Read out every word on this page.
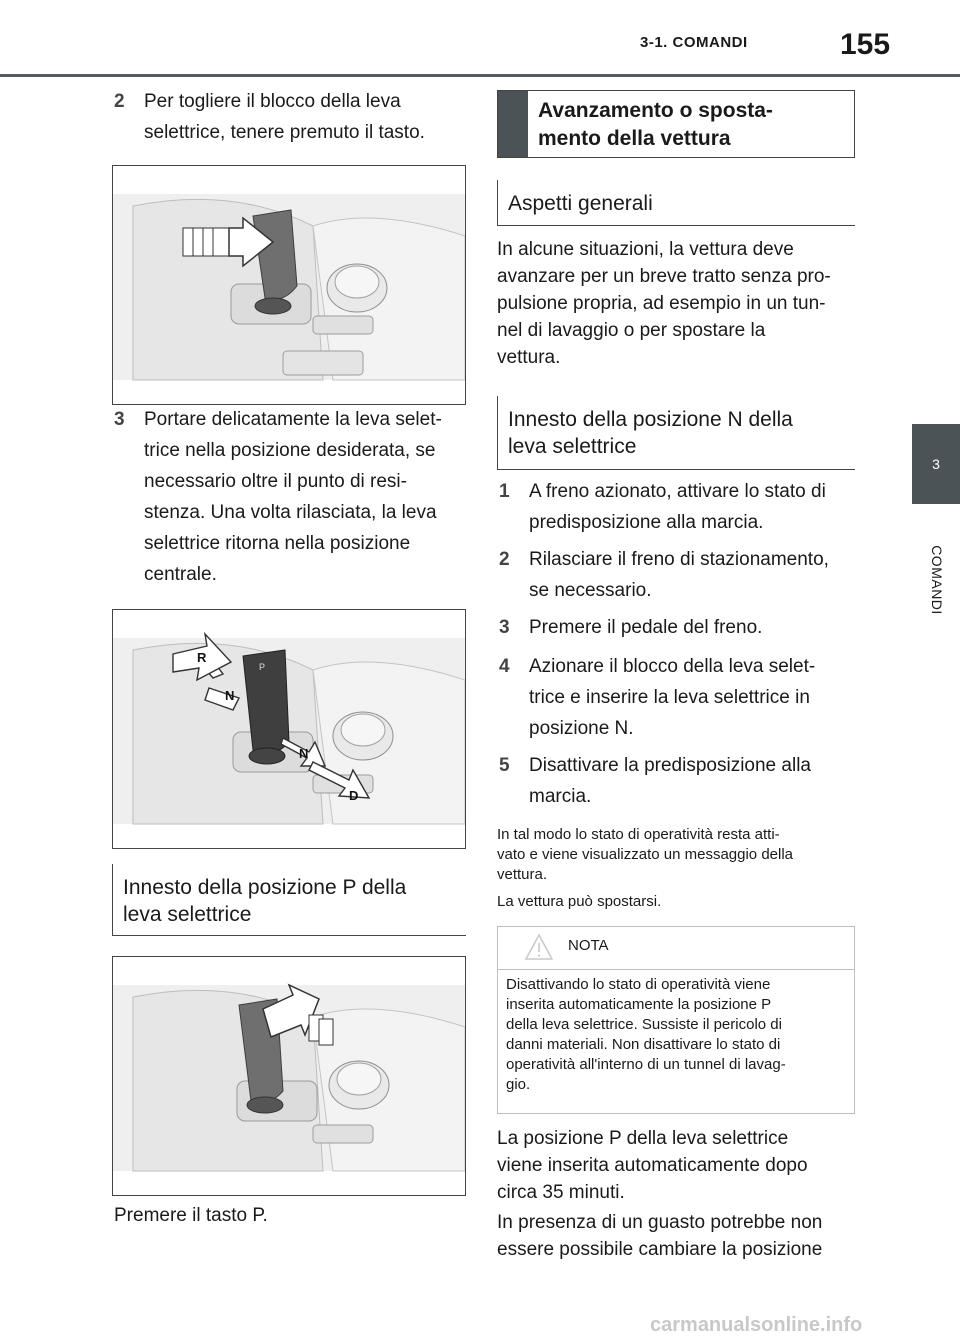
3-1. COMANDI	155
3
COMANDI
2 Per togliere il blocco della leva
selettrice, tenere premuto il tasto.
3 Portare delicatamente la leva selet-
trice nella posizione desiderata, se
necessario oltre il punto di resi-
stenza. Una volta rilasciata, la leva
selettrice ritorna nella posizione
centrale.
R
N
N
D
P
Innesto della posizione P della
leva selettrice
Premere il tasto P.
Avanzamento o sposta-
mento della vettura
Aspetti generali
In alcune situazioni, la vettura deve
avanzare per un breve tratto senza pro-
pulsione propria, ad esempio in un tun-
nel di lavaggio o per spostare la
vettura.
Innesto della posizione N della
leva selettrice
1 A freno azionato, attivare lo stato di
predisposizione alla marcia.
2 Rilasciare il freno di stazionamento,
se necessario.
3 Premere il pedale del freno.
4 Azionare il blocco della leva selet-
trice e inserire la leva selettrice in
posizione N.
5 Disattivare la predisposizione alla
marcia.
In tal modo lo stato di operatività resta atti-
vato e viene visualizzato un messaggio della
vettura.
La vettura può spostarsi.
NOTA
Disattivando lo stato di operatività viene
inserita automaticamente la posizione P
della leva selettrice. Sussiste il pericolo di
danni materiali. Non disattivare lo stato di
operatività all'interno di un tunnel di lavag-
gio.
La posizione P della leva selettrice
viene inserita automaticamente dopo
circa 35 minuti.
In presenza di un guasto potrebbe non
essere possibile cambiare la posizione
carmanualsonline.info
